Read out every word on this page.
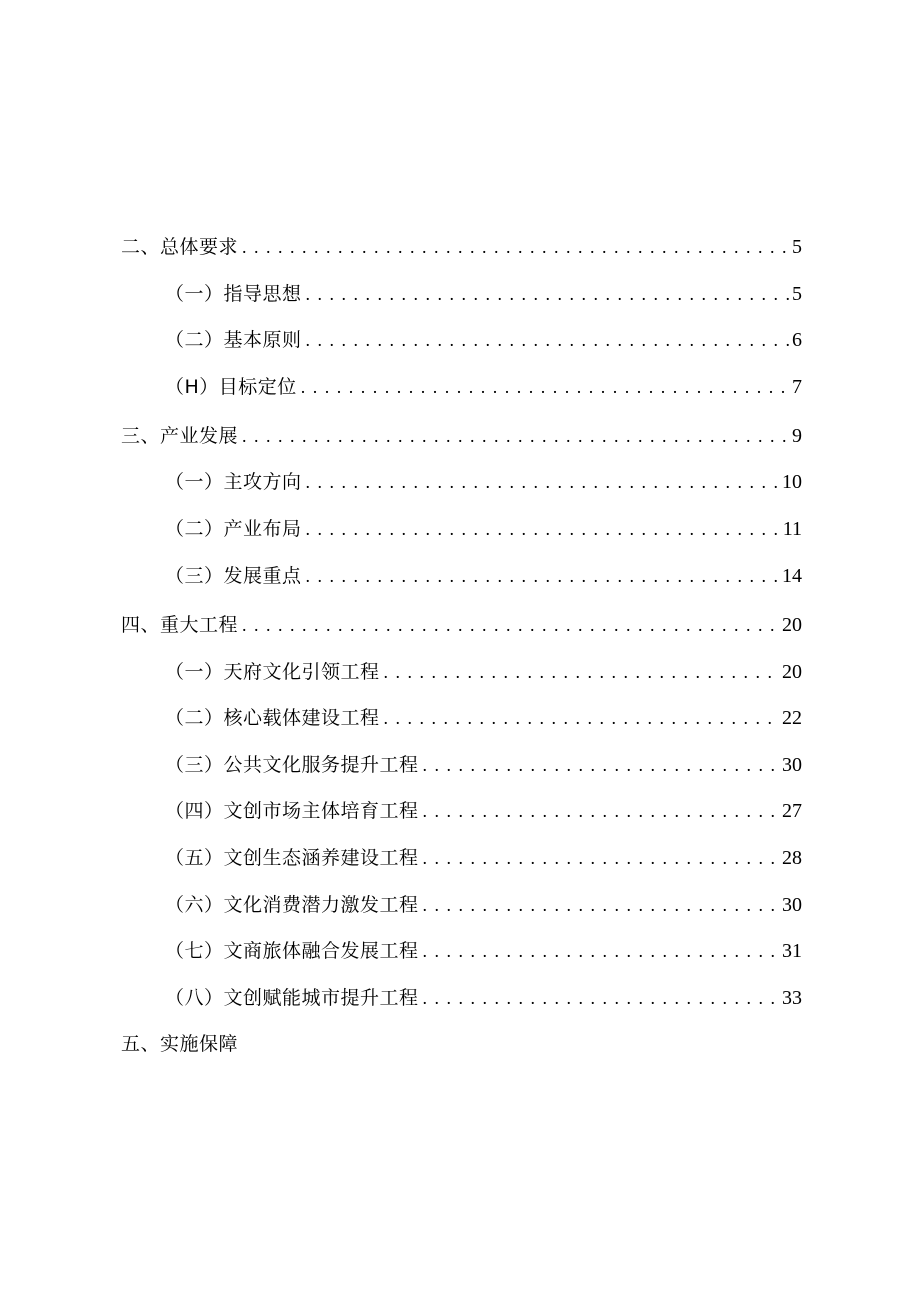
二、总体要求 . . .	5
（一）指导思想 . . .	5
（二）基本原则 . . .	6
（H）目标定位 . . .	7
三、产业发展 . . .	9
（一）主攻方向 . . .	10
（二）产业布局 . . .	11
（三）发展重点 . . .	14
四、重大工程 . . .	20
（一）天府文化引领工程 . . .	20
（二）核心载体建设工程 . . .	22
（三）公共文化服务提升工程 . . .	30
（四）文创市场主体培育工程 . . .	27
（五）文创生态涵养建设工程 . . .	28
（六）文化消费潜力激发工程 . . .	30
（七）文商旅体融合发展工程 . . .	31
（八）文创赋能城市提升工程 . . .	33
五、实施保障
